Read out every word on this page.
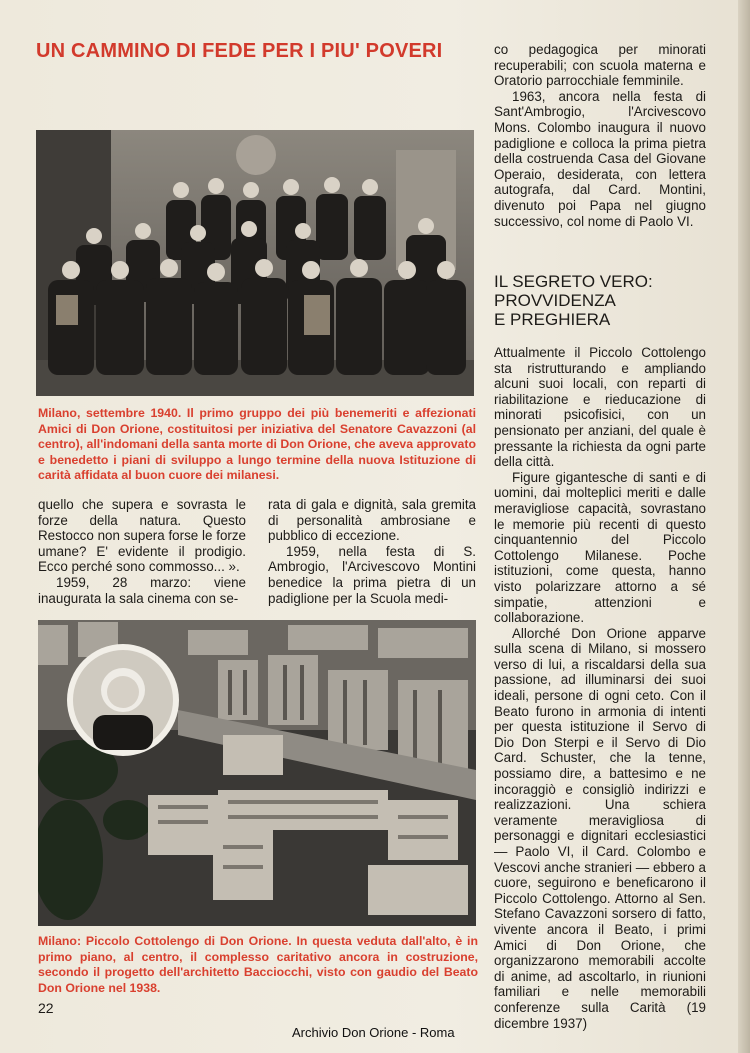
UN CAMMINO DI FEDE PER I PIU' POVERI
Milano, settembre 1940. Il primo gruppo dei più benemeriti e affezionati Amici di Don Orione, costituitosi per iniziativa del Senatore Cavazzoni (al centro), all'indomani della santa morte di Don Orione, che aveva approvato e benedetto i piani di sviluppo a lungo termine della nuova Istituzione di carità affidata al buon cuore dei milanesi.

quello che supera e sovrasta le forze della natura. Questo Restocco non supera forse le forze umane? E' evidente il prodigio. Ecco perché sono commosso... ».

1959, 28 marzo: viene inaugurata la sala cinema con se-

rata di gala e dignità, sala gremita di personalità ambrosiane e pubblico di eccezione.

1959, nella festa di S. Ambrogio, l'Arcivescovo Montini benedice la prima pietra di un padiglione per la Scuola medi-

Milano: Piccolo Cottolengo di Don Orione. In questa veduta dall'alto, è in primo piano, al centro, il complesso caritativo ancora in costruzione, secondo il progetto dell'architetto Bacciocchi, visto con gaudio del Beato Don Orione nel 1938.

co pedagogica per minorati recuperabili; con scuola materna e Oratorio parrocchiale femminile.

1963, ancora nella festa di Sant'Ambrogio, l'Arcivescovo Mons. Colombo inaugura il nuovo padiglione e colloca la prima pietra della costruenda Casa del Giovane Operaio, desiderata, con lettera autografa, dal Card. Montini, divenuto poi Papa nel giugno successivo, col nome di Paolo VI.

IL SEGRETO VERO:
PROVVIDENZA
E PREGHIERA

Attualmente il Piccolo Cottolengo sta ristrutturando e ampliando alcuni suoi locali, con reparti di riabilitazione e rieducazione di minorati psicofisici, con un pensionato per anziani, del quale è pressante la richiesta da ogni parte della città.

Figure gigantesche di santi e di uomini, dai molteplici meriti e dalle meravigliose capacità, sovrastano le memorie più recenti di questo cinquantennio del Piccolo Cottolengo Milanese. Poche istituzioni, come questa, hanno visto polarizzare attorno a sé simpatie, attenzioni e collaborazione.

Allorché Don Orione apparve sulla scena di Milano, si mossero verso di lui, a riscaldarsi della sua passione, ad illuminarsi dei suoi ideali, persone di ogni ceto. Con il Beato furono in armonia di intenti per questa istituzione il Servo di Dio Don Sterpi e il Servo di Dio Card. Schuster, che la tenne, possiamo dire, a battesimo e ne incoraggiò e consigliò indirizzi e realizzazioni. Una schiera veramente meravigliosa di personaggi e dignitari ecclesiastici — Paolo VI, il Card. Colombo e Vescovi anche stranieri — ebbero a cuore, seguirono e beneficarono il Piccolo Cottolengo. Attorno al Sen. Stefano Cavazzoni sorsero di fatto, vivente ancora il Beato, i primi Amici di Don Orione, che organizzarono memorabili accolte di anime, ad ascoltarlo, in riunioni familiari e nelle memorabili conferenze sulla Carità (19 dicembre 1937)

22
Archivio Don Orione - Roma
